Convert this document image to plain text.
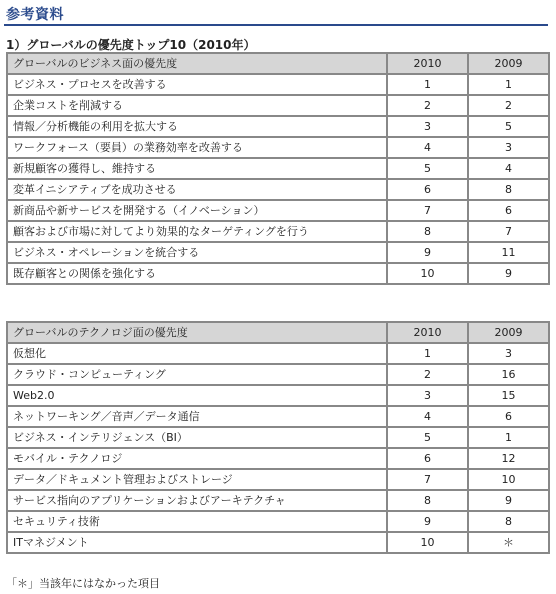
参考資料
1）グローバルの優先度トップ10（2010年）
グローバルのビジネス面の優先度	2010	2009
ビジネス・プロセスを改善する	1	1
企業コストを削減する	2	2
情報／分析機能の利用を拡大する	3	5
ワークフォース（要員）の業務効率を改善する	4	3
新規顧客の獲得し、維持する	5	4
変革イニシアティブを成功させる	6	8
新商品や新サービスを開発する（イノベーション）	7	6
顧客および市場に対してより効果的なターゲティングを行う	8	7
ビジネス・オペレーションを統合する	9	11
既存顧客との関係を強化する	10	9
グローバルのテクノロジ面の優先度	2010	2009
仮想化	1	3
クラウド・コンピューティング	2	16
Web2.0	3	15
ネットワーキング／音声／データ通信	4	6
ビジネス・インテリジェンス（BI）	5	1
モバイル・テクノロジ	6	12
データ／ドキュメント管理およびストレージ	7	10
サービス指向のアプリケーションおよびアーキテクチャ	8	9
セキュリティ技術	9	8
ITマネジメント	10	＊
「＊」当該年にはなかった項目
